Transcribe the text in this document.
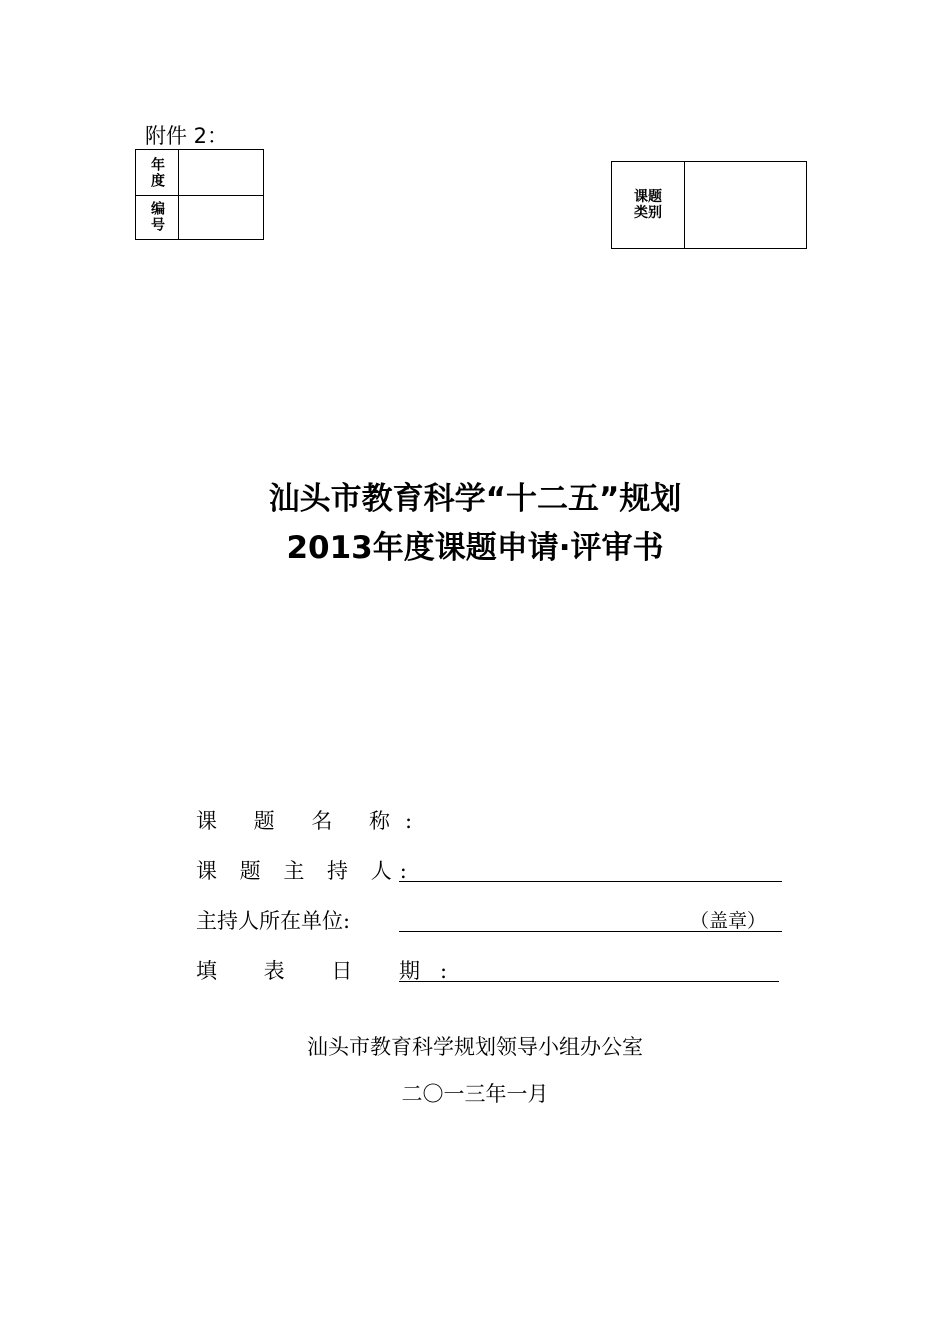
附件 2：
年度
编号
课题类别
汕头市教育科学“十二五”规划
2013年度课题申请·评审书
课 题 名 称:
课 题 主 持 人:
主持人所在单位:	（盖章）
填 表 日 期:
汕头市教育科学规划领导小组办公室
二〇一三年一月
